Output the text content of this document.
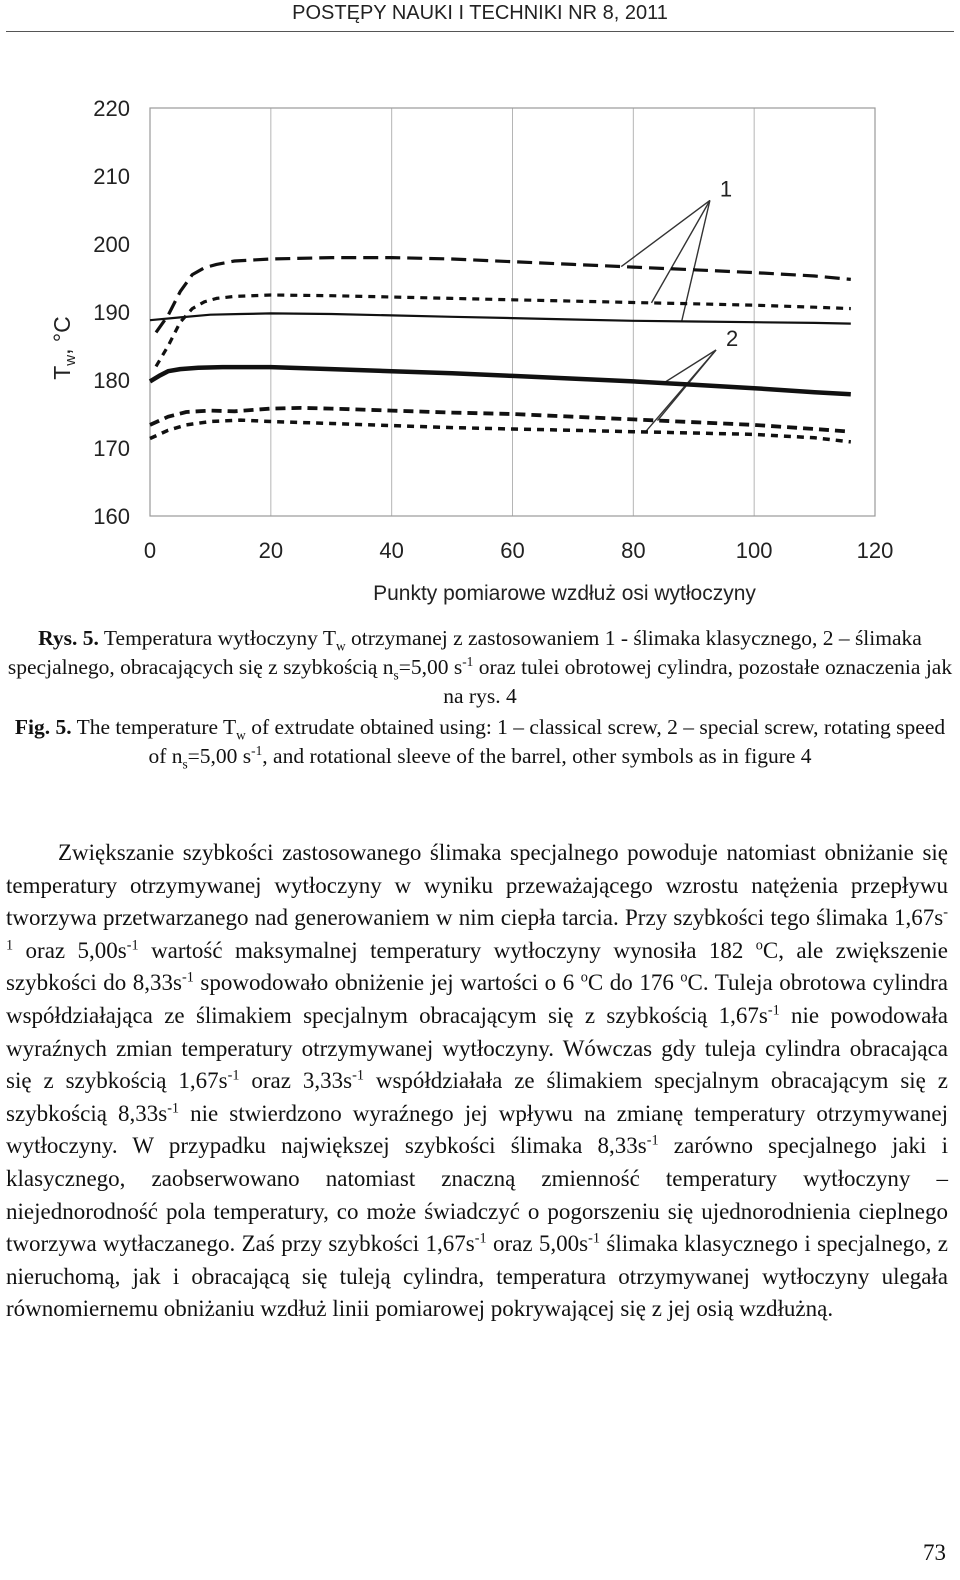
POSTĘPY NAUKI I TECHNIKI NR 8, 2011
0	20	40	60	80	100	120
160
170
180
190
200
210
220
1
2
Punkty pomiarowe wzdłuż osi wytłoczyny
$T_w$, °C
Rys. 5. Temperatura wytłoczyny $T_w$ otrzymanej z zastosowaniem 1 - ślimaka klasycznego, 2 – ślimaka specjalnego, obracających się z szybkością $n_s=5,00$ $s^{-1}$ oraz tulei obrotowej cylindra, pozostałe oznaczenia jak na rys. 4
Fig. 5. The temperature $T_w$ of extrudate obtained using: 1 – classical screw, 2 – special screw, rotating speed of $n_s=5,00$ $s^{-1}$, and rotational sleeve of the barrel, other symbols as in figure 4
Zwiększanie szybkości zastosowanego ślimaka specjalnego powoduje natomiast obniżanie się temperatury otrzymywanej wytłoczyny w wyniku przeważającego wzrostu natężenia przepływu tworzywa przetwarzanego nad generowaniem w nim ciepła tarcia. Przy szybkości tego ślimaka $1,67s^{-1}$ oraz $5,00s^{-1}$ wartość maksymalnej temperatury wytłoczyny wynosiła 182 $^o$C, ale zwiększenie szybkości do $8,33s^{-1}$ spowodowało obniżenie jej wartości o 6 $^o$C do 176 $^o$C. Tuleja obrotowa cylindra współdziałająca ze ślimakiem specjalnym obracającym się z szybkością $1,67s^{-1}$ nie powodowała wyraźnych zmian temperatury otrzymywanej wytłoczyny. Wówczas gdy tuleja cylindra obracająca się z szybkością $1,67s^{-1}$ oraz $3,33s^{-1}$ współdziałała ze ślimakiem specjalnym obracającym się z szybkością $8,33s^{-1}$ nie stwierdzono wyraźnego jej wpływu na zmianę temperatury otrzymywanej wytłoczyny. W przypadku największej szybkości ślimaka $8,33s^{-1}$ zarówno specjalnego jaki i klasycznego, zaobserwowano natomiast znaczną zmienność temperatury wytłoczyny – niejednorodność pola temperatury, co może świadczyć o pogorszeniu się ujednorodnienia cieplnego tworzywa wytłaczanego. Zaś przy szybkości $1,67s^{-1}$ oraz $5,00s^{-1}$ ślimaka klasycznego i specjalnego, z nieruchomą, jak i obracającą się tuleją cylindra, temperatura otrzymywanej wytłoczyny ulegała równomiernemu obniżaniu wzdłuż linii pomiarowej pokrywającej się z jej osią wzdłużną.
73
